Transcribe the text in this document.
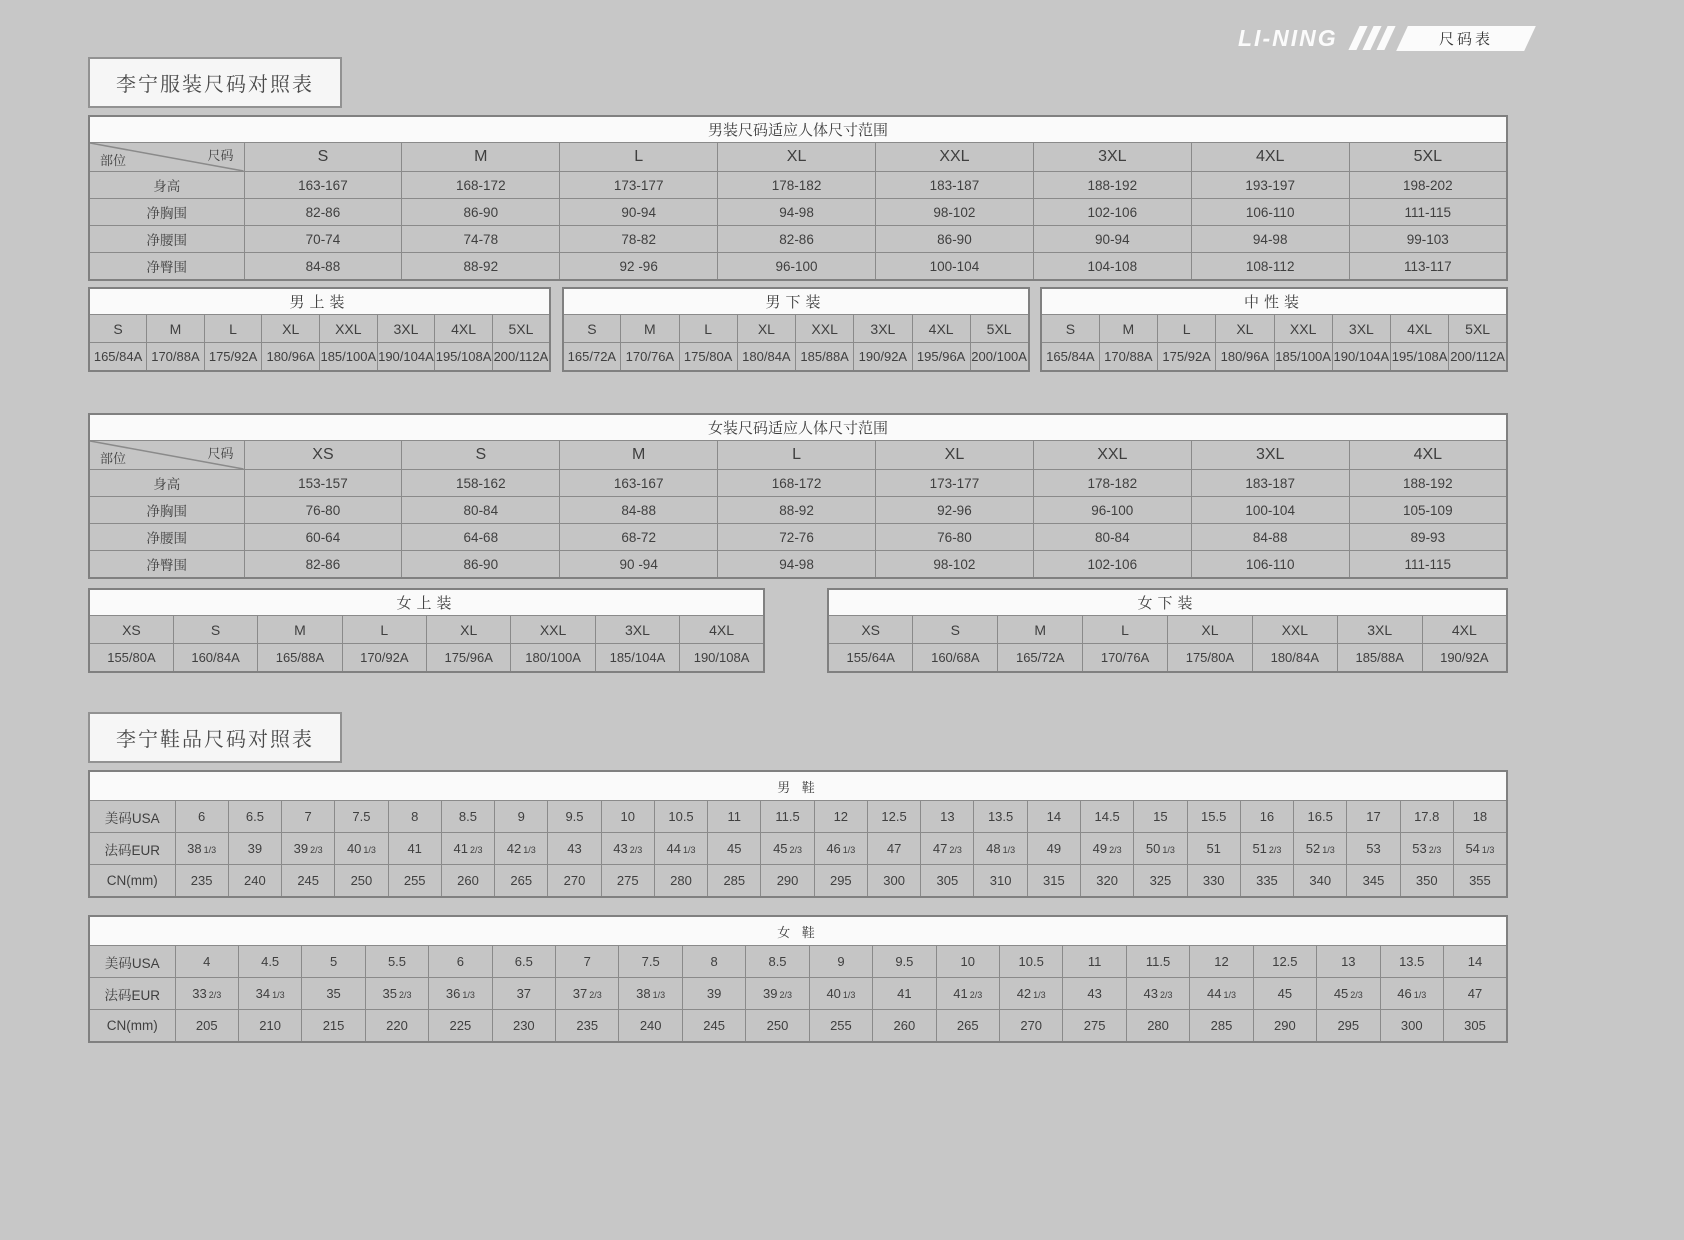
LI-NING	尺码表
李宁服装尺码对照表
男装尺码适应人体尺寸范围								

尺码
部位	S	M	L	XL	XXL	3XL	4XL	5XL
身高	163-167	168-172	173-177	178-182	183-187	188-192	193-197	198-202
净胸围	82-86	86-90	90-94	94-98	98-102	102-106	106-110	111-115
净腰围	70-74	74-78	78-82	82-86	86-90	90-94	94-98	99-103
净臀围	84-88	88-92	92 -96	96-100	100-104	104-108	108-112	113-117
男上装							
S	M	L	XL	XXL	3XL	4XL	5XL
165/84A	170/88A	175/92A	180/96A	185/100A	190/104A	195/108A	200/112A
男下装							
S	M	L	XL	XXL	3XL	4XL	5XL
165/72A	170/76A	175/80A	180/84A	185/88A	190/92A	195/96A	200/100A
中性装							
S	M	L	XL	XXL	3XL	4XL	5XL
165/84A	170/88A	175/92A	180/96A	185/100A	190/104A	195/108A	200/112A
女装尺码适应人体尺寸范围								

尺码
部位	XS	S	M	L	XL	XXL	3XL	4XL
身高	153-157	158-162	163-167	168-172	173-177	178-182	183-187	188-192
净胸围	76-80	80-84	84-88	88-92	92-96	96-100	100-104	105-109
净腰围	60-64	64-68	68-72	72-76	76-80	80-84	84-88	89-93
净臀围	82-86	86-90	90 -94	94-98	98-102	102-106	106-110	111-115
女上装							
XS	S	M	L	XL	XXL	3XL	4XL
155/80A	160/84A	165/88A	170/92A	175/96A	180/100A	185/104A	190/108A
女下装							
XS	S	M	L	XL	XXL	3XL	4XL
155/64A	160/68A	165/72A	170/76A	175/80A	180/84A	185/88A	190/92A
李宁鞋品尺码对照表
男 鞋																									
美码USA	6	6.5	7	7.5	8	8.5	9	9.5	10	10.5	11	11.5	12	12.5	13	13.5	14	14.5	15	15.5	16	16.5	17	17.8	18
法码EUR	38 1/3	39	39 2/3	40 1/3	41	41 2/3	42 1/3	43	43 2/3	44 1/3	45	45 2/3	46 1/3	47	47 2/3	48 1/3	49	49 2/3	50 1/3	51	51 2/3	52 1/3	53	53 2/3	54 1/3
CN(mm)	235	240	245	250	255	260	265	270	275	280	285	290	295	300	305	310	315	320	325	330	335	340	345	350	355
女 鞋																					
美码USA	4	4.5	5	5.5	6	6.5	7	7.5	8	8.5	9	9.5	10	10.5	11	11.5	12	12.5	13	13.5	14
法码EUR	33 2/3	34 1/3	35	35 2/3	36 1/3	37	37 2/3	38 1/3	39	39 2/3	40 1/3	41	41 2/3	42 1/3	43	43 2/3	44 1/3	45	45 2/3	46 1/3	47
CN(mm)	205	210	215	220	225	230	235	240	245	250	255	260	265	270	275	280	285	290	295	300	305
